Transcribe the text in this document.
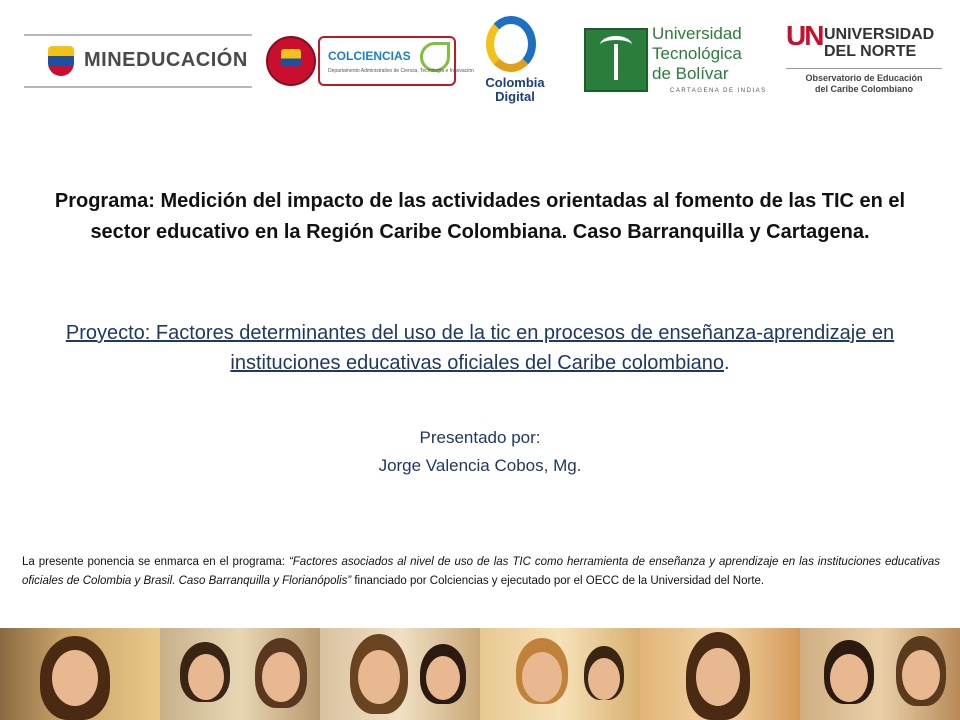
MINEDUCACIÓN	COLCIENCIAS
Departamento Administrativo de Ciencia, Tecnología e Innovación
Colombia
Digital
Universidad
Tecnológica
de Bolívar
CARTAGENA DE INDIAS
UN UNIVERSIDAD
DEL NORTE
Observatorio de Educación
del Caribe Colombiano
Programa: Medición del impacto de las actividades orientadas al fomento de las TIC en el sector educativo en la Región Caribe Colombiana. Caso Barranquilla y Cartagena.
Proyecto: Factores determinantes del uso de la tic en procesos de enseñanza-aprendizaje en instituciones educativas oficiales del Caribe colombiano.
Presentado por:
Jorge Valencia Cobos, Mg.
La presente ponencia se enmarca en el programa: “Factores asociados al nivel de uso de las TIC como herramienta de enseñanza y aprendizaje en las instituciones educativas oficiales de Colombia y Brasil. Caso Barranquilla y Florianópolis” financiado por Colciencias y ejecutado por el OECC de la Universidad del Norte.
